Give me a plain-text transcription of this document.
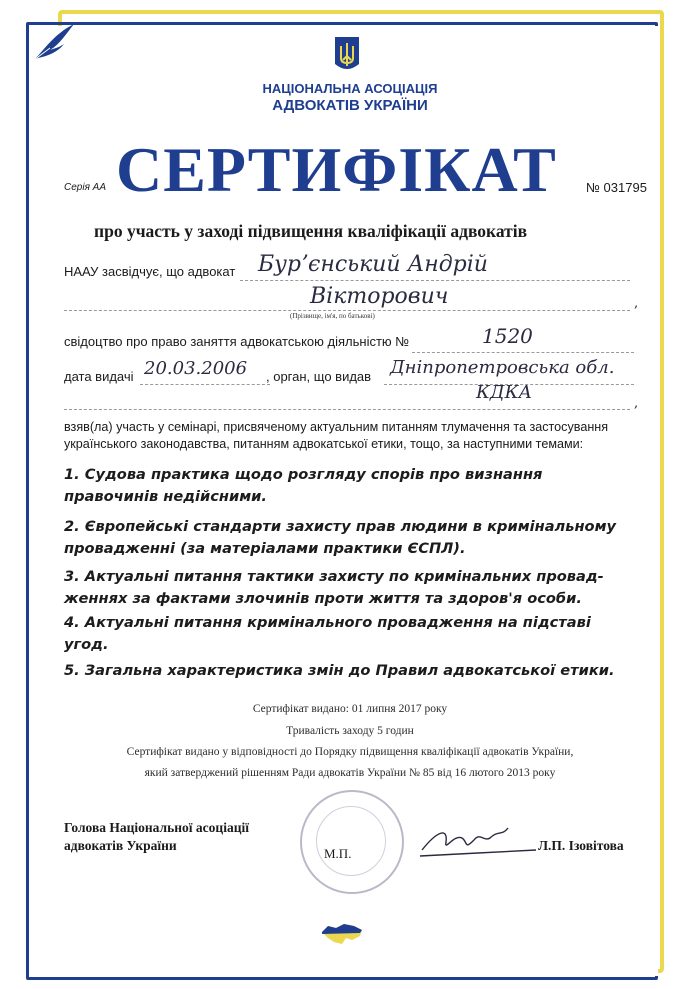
НАЦІОНАЛЬНА АСОЦІАЦІЯ
АДВОКАТІВ УКРАЇНИ
Серія АА СЕРТИФІКАТ № 031795
про участь у заході підвищення кваліфікації адвокатів
НААУ засвідчує, що адвокат Бурʼєнський Андрій
Вікторович	,
(Прізвище, ім'я, по батькові)
свідоцтво про право заняття адвокатською діяльністю №	1520
дата видачі 20.03.2006 , орган, що видав Дніпропетровська обл.
КДКА
,
взяв(ла) участь у семінарі, присвяченому актуальним питанням тлумачення та застосування українського законодавства, питанням адвокатської етики, тощо, за наступними темами:
1. Судова практика щодо розгляду спорів про визнання правочинів недійсними.
2. Європейські стандарти захисту прав людини в кримінальному провадженні (за матеріалами практики ЄСПЛ).
3. Актуальні питання тактики захисту по кримінальних провад-женнях за фактами злочинів проти життя та здоров'я особи.
4. Актуальні питання кримінального провадження на підставі угод.
5. Загальна характеристика змін до Правил адвокатської етики.
Сертифікат видано: 01 липня 2017 року
Тривалість заходу 5 годин
Сертифікат видано у відповідності до Порядку підвищення кваліфікації адвокатів України,
який затверджений рішенням Ради адвокатів України № 85 від 16 лютого 2013 року
Голова Національної асоціації
адвокатів України
М.П.
Л.П. Ізовітова
